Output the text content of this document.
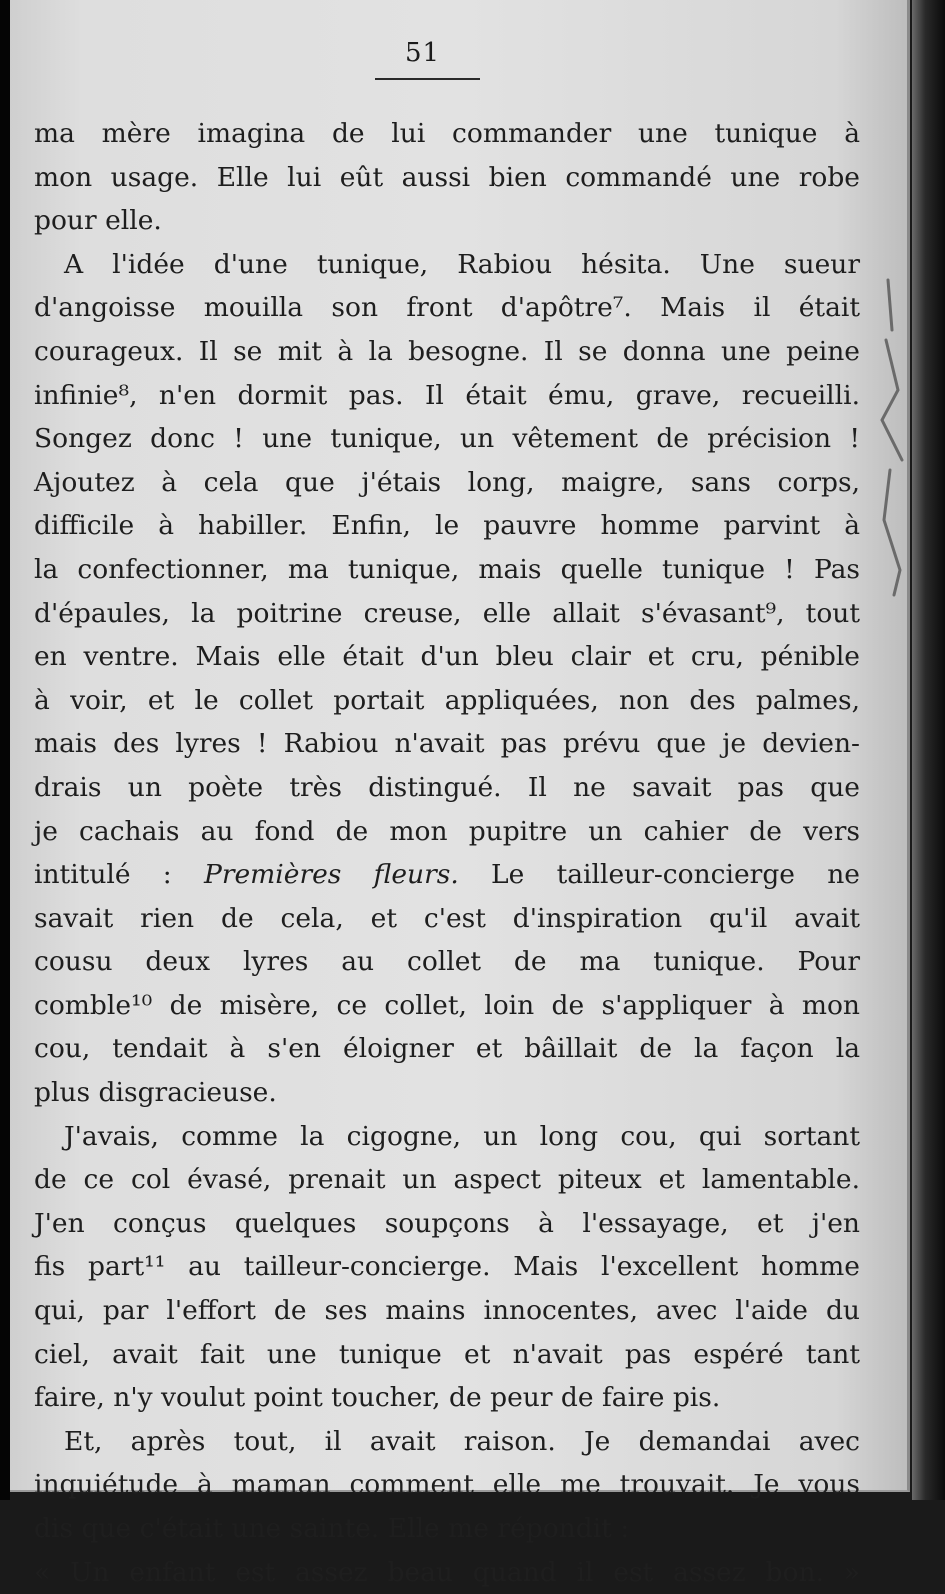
51
ma mère imagina de lui commander une tunique à
mon usage. Elle lui eût aussi bien commandé une robe
pour elle.
A l'idée d'une tunique, Rabiou hésita. Une sueur
d'angoisse mouilla son front d'apôtre⁷. Mais il était
courageux. Il se mit à la besogne. Il se donna une peine
infinie⁸, n'en dormit pas. Il était ému, grave, recueilli.
Songez donc ! une tunique, un vêtement de précision !
Ajoutez à cela que j'étais long, maigre, sans corps,
difficile à habiller. Enfin, le pauvre homme parvint à
la confectionner, ma tunique, mais quelle tunique ! Pas
d'épaules, la poitrine creuse, elle allait s'évasant⁹, tout
en ventre. Mais elle était d'un bleu clair et cru, pénible
à voir, et le collet portait appliquées, non des palmes,
mais des lyres ! Rabiou n'avait pas prévu que je devien-
drais un poète très distingué. Il ne savait pas que
je cachais au fond de mon pupitre un cahier de vers
intitulé : Premières fleurs. Le tailleur-concierge ne
savait rien de cela, et c'est d'inspiration qu'il avait
cousu deux lyres au collet de ma tunique. Pour
comble¹⁰ de misère, ce collet, loin de s'appliquer à mon
cou, tendait à s'en éloigner et bâillait de la façon la
plus disgracieuse.
J'avais, comme la cigogne, un long cou, qui sortant
de ce col évasé, prenait un aspect piteux et lamentable.
J'en conçus quelques soupçons à l'essayage, et j'en
fis part¹¹ au tailleur-concierge. Mais l'excellent homme
qui, par l'effort de ses mains innocentes, avec l'aide du
ciel, avait fait une tunique et n'avait pas espéré tant
faire, n'y voulut point toucher, de peur de faire pis.
Et, après tout, il avait raison. Je demandai avec
inquiétude à maman comment elle me trouvait. Je vous
dis que c'était une sainte. Elle me répondit :
« Un enfant est assez beau quand il est assez bon. »
